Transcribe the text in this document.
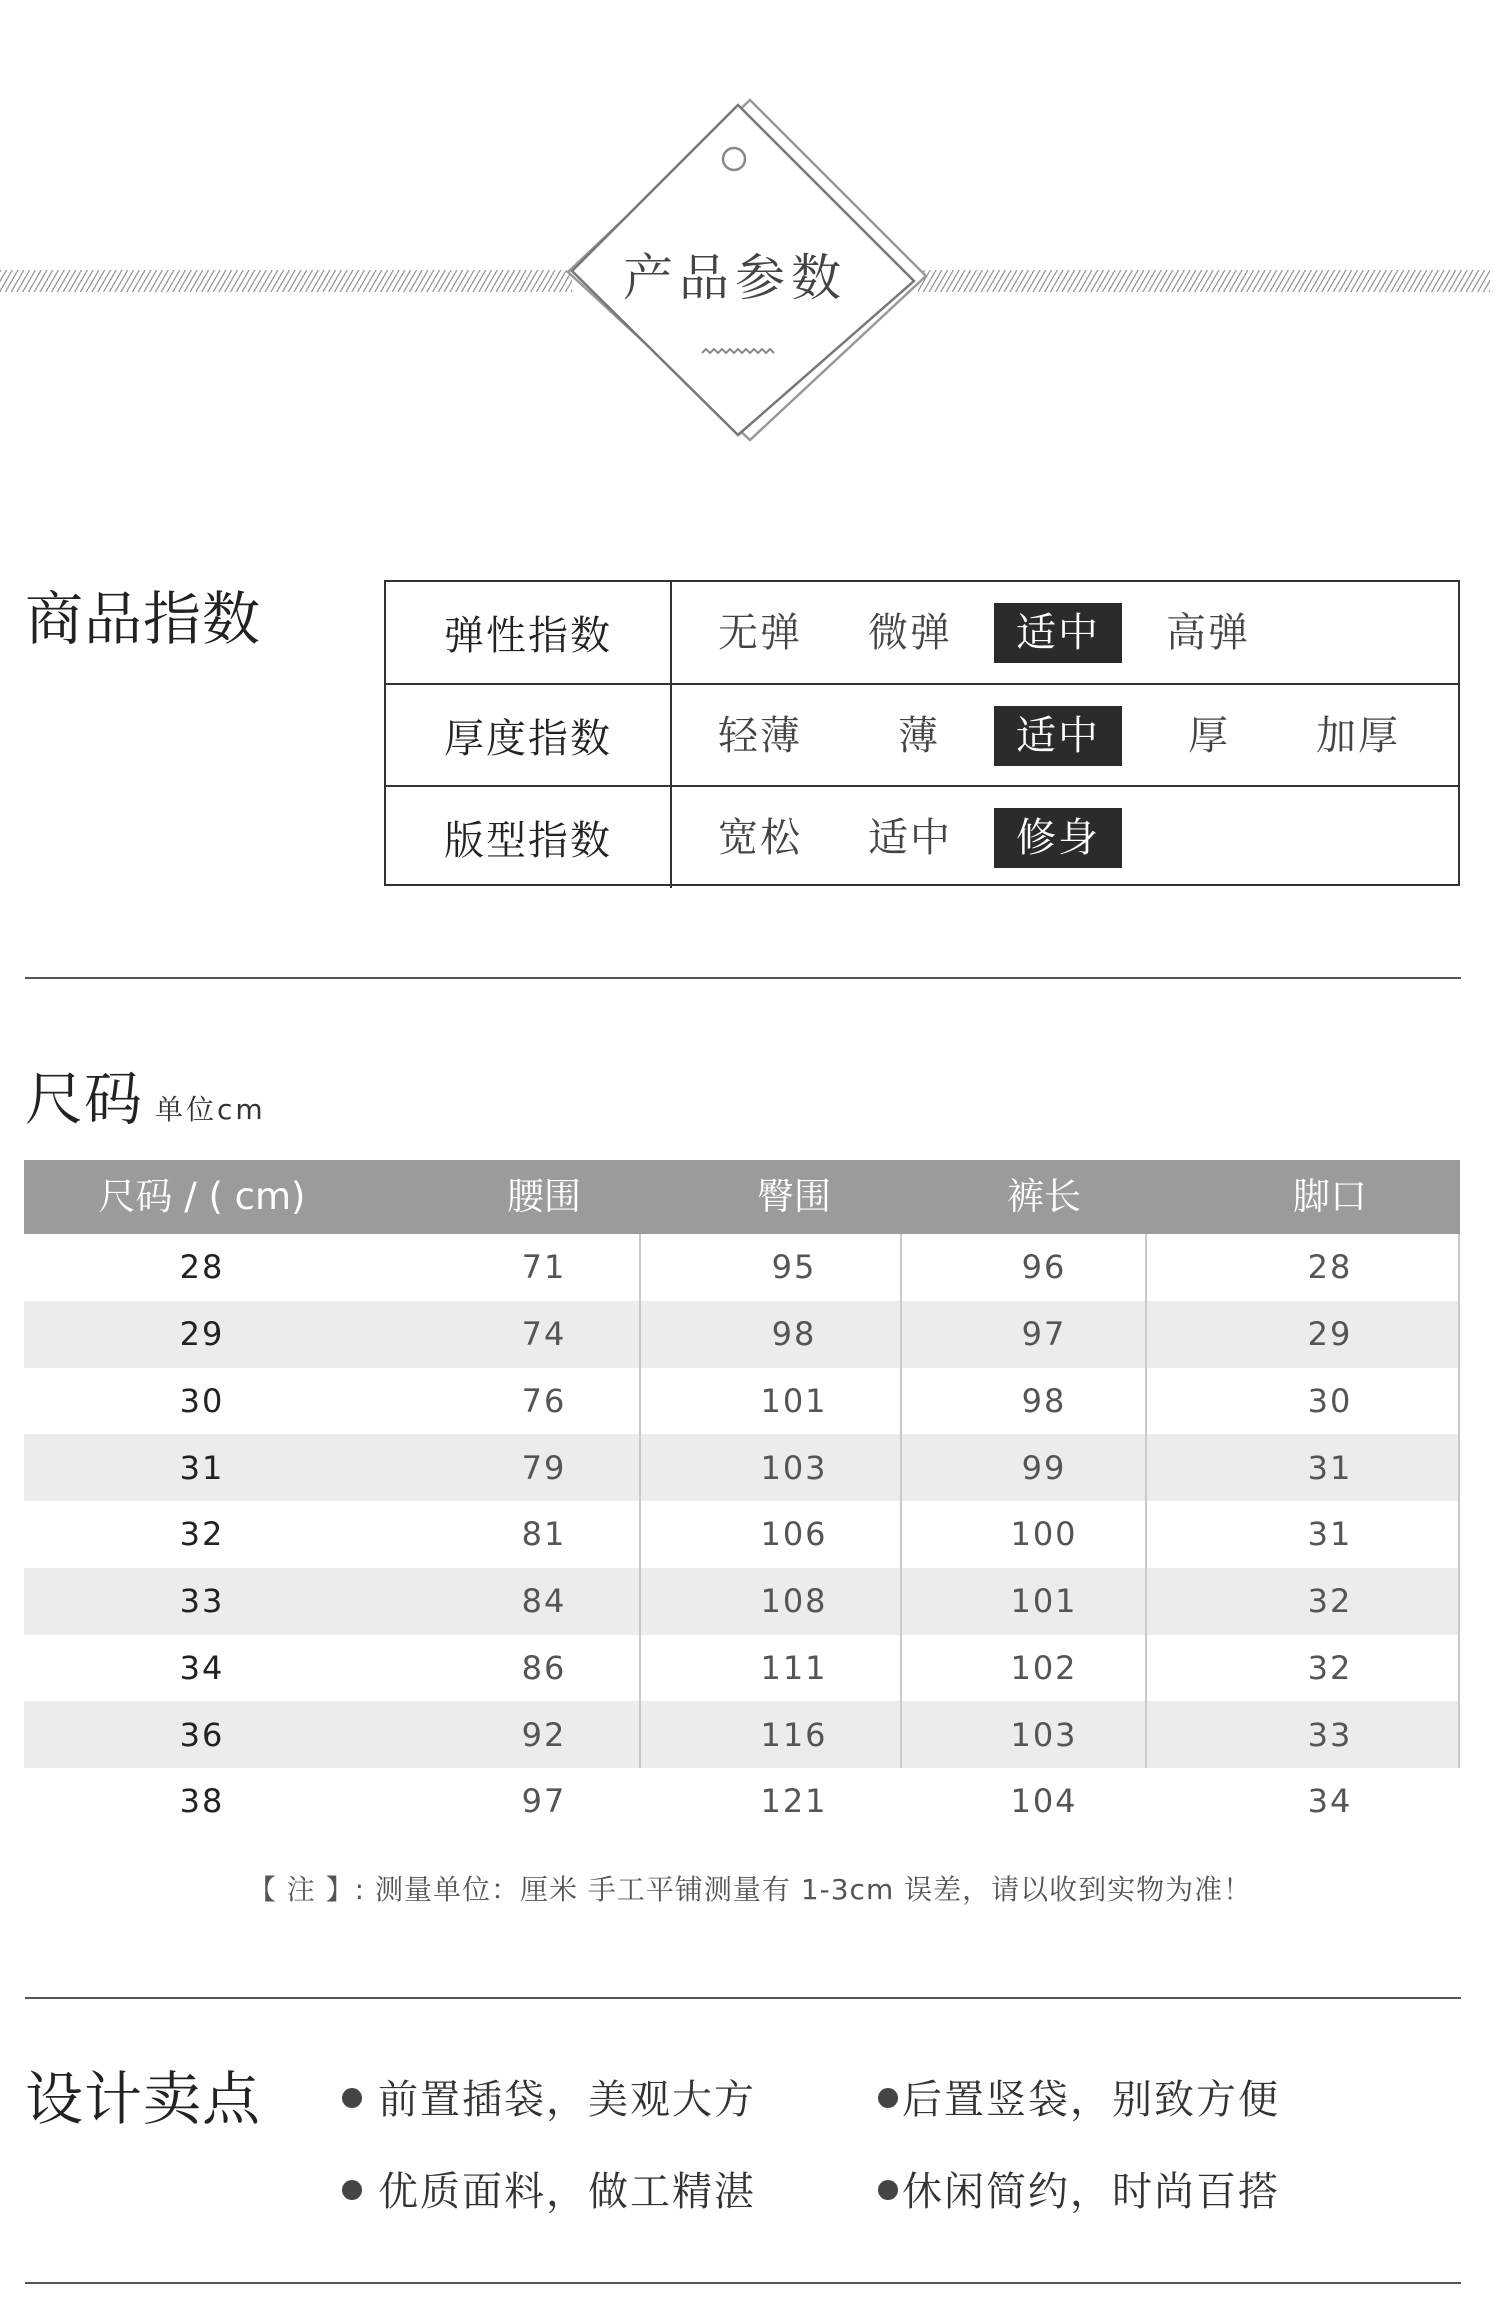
产品参数
商品指数	弹性指数	无弹	微弹	适中	高弹
厚度指数	轻薄	薄	适中	厚	加厚
版型指数	宽松	适中	修身
尺码 单位cm
尺码 / ( cm)	腰围	臀围	裤长	脚口
28	71	95	96	28
29	74	98	97	29
30	76	101	98	30
31	79	103	99	31
32	81	106	100	31
33	84	108	101	32
34	86	111	102	32
36	92	116	103	33
38	97	121	104	34
【 注 】: 测量单位：厘米 手工平铺测量有 1-3cm 误差，请以收到实物为准！
设计卖点	前置插袋，美观大方	后置竖袋，别致方便
优质面料，做工精湛	休闲简约，时尚百搭
